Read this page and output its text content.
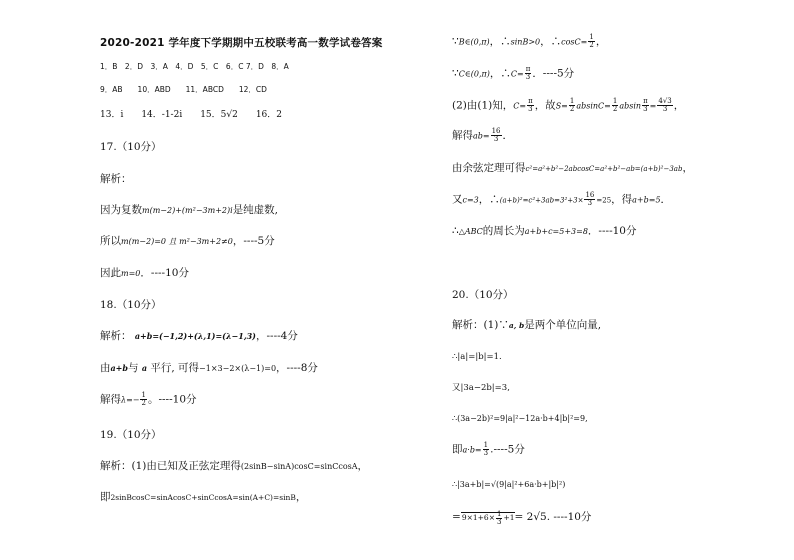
2020-2021 学年度下学期期中五校联考高一数学试卷答案
1．B　2．D　3．A　4．D　5．C　6．C 7．D　8．A
9．AB　　10．ABD　　11．ABCD　　12．CD
13．i　　14．-1-2i　　15．5√2　　16．2
17.（10分）
解析：
因为复数m(m−2)+(m²−3m+2)i是纯虚数,
所以m(m−2)=0 且 m²−3m+2≠0，----5分
因此m=0．----10分
18.（10分）
解析： a+b=(−1,2)+(λ,1)=(λ−1,3)，----4分
由a+b与 a 平行, 可得−1×3−2×(λ−1)=0，----8分
解得$\lambda=- \frac{1}{2}$ 。----10分
19.（10分）
解析：(1)由已知及正弦定理得(2sinB−sinA)cosC=sinCcosA，
即2sinBcosC=sinAcosC+sinCcosA=sin(A+C)=sinB，
∵B∈(0,π)，∴sinB>0，∴cosC= $\frac{1}{2}$ ，
∵C∈(0,π)，∴C= $\frac{\pi}{3}$ ．----5分
(2)由(1)知，$C= \frac{\pi}{3}$ ，故$S= \frac{1}{2} absinC= \frac{1}{2}$ absin $\frac{\pi}{3} = \frac{4√3}{3}$ ，
解得$ab= \frac{16}{3}$ ．
由余弦定理可得c²=a²+b²−2abcosC=a²+b²−ab=(a+b)²−3ab，
又c=3，∴(a+b)²=c²+3ab=3²+3× $\frac{16}{3} =25$，得a+b=5．
∴△ABC的周长为a+b+c=5+3=8．----10分
20.（10分）
解析：(1)∵a, b是两个单位向量,
∴|a|=|b|=1.
又|3a−2b|=3,
∴(3a−2b)²=9|a|²−12a·b+4|b|²=9,
即$a\cdot b= \frac{1}{3} .----5$分
∴|3a+b|=√(9|a|²+6a·b+|b|²)
$=9\times 1+6\times \frac{1}{3} +1= 2√5$. ----10分
